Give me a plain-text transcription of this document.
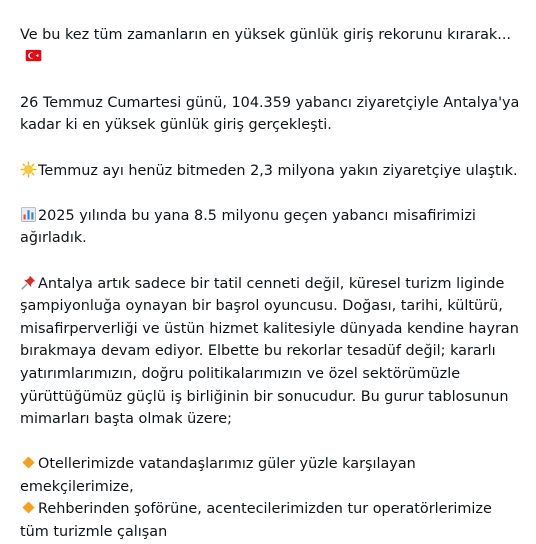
Ve bu kez tüm zamanların en yüksek günlük giriş rekorunu kırarak...

26 Temmuz Cumartesi günü, 104.359 yabancı ziyaretçiyle Antalya'ya kadar ki en yüksek günlük giriş gerçekleşti.

Temmuz ayı henüz bitmeden 2,3 milyona yakın ziyaretçiye ulaştık.

2025 yılında bu yana 8.5 milyonu geçen yabancı misafirimizi ağırladık.

Antalya artık sadece bir tatil cenneti değil, küresel turizm liginde şampiyonluğa oynayan bir başrol oyuncusu. Doğası, tarihi, kültürü, misafirperverliği ve üstün hizmet kalitesiyle dünyada kendine hayran bırakmaya devam ediyor. Elbette bu rekorlar tesadüf değil; kararlı yatırımlarımızın, doğru politikalarımızın ve özel sektörümüzle yürüttüğümüz güçlü iş birliğinin bir sonucudur. Bu gurur tablosunun mimarları başta olmak üzere;

Otellerimizde vatandaşlarımız güler yüzle karşılayan emekçilerimize,

Rehberinden şoförüne, acentecilerimizden tur operatörlerimize tüm turizmle çalışan
